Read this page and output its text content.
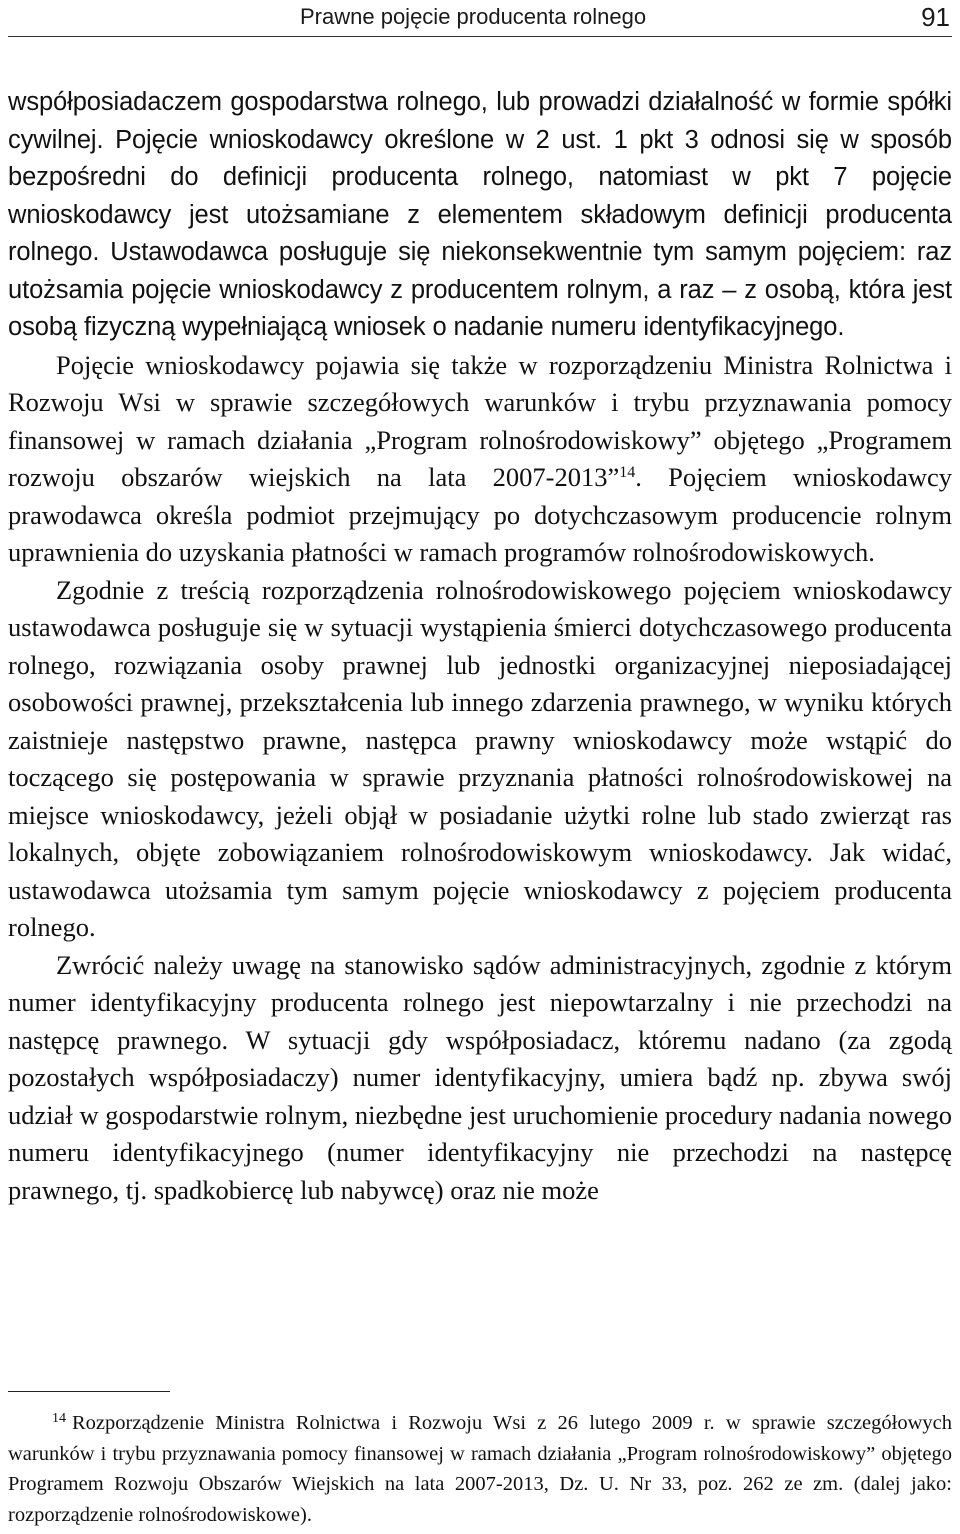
Prawne pojęcie producenta rolnego	91

współposiadaczem gospodarstwa rolnego, lub prowadzi działalność w formie spółki cywilnej. Pojęcie wnioskodawcy określone w 2 ust. 1 pkt 3 odnosi się w sposób bezpośredni do definicji producenta rolnego, natomiast w pkt 7 pojęcie wnioskodawcy jest utożsamiane z elementem składowym definicji producenta rolnego. Ustawodawca posługuje się niekonsekwentnie tym samym pojęciem: raz utożsamia pojęcie wnioskodawcy z producentem rolnym, a raz – z osobą, która jest osobą fizyczną wypełniającą wniosek o nadanie numeru identyfikacyjnego.

Pojęcie wnioskodawcy pojawia się także w rozporządzeniu Ministra Rolnictwa i Rozwoju Wsi w sprawie szczegółowych warunków i trybu przyznawania pomocy finansowej w ramach działania „Program rolnośrodowiskowy” objętego „Programem rozwoju obszarów wiejskich na lata 2007-2013”$^{14}$. Pojęciem wnioskodawcy prawodawca określa podmiot przejmujący po dotychczasowym producencie rolnym uprawnienia do uzyskania płatności w ramach programów rolnośrodowiskowych.

Zgodnie z treścią rozporządzenia rolnośrodowiskowego pojęciem wnioskodawcy ustawodawca posługuje się w sytuacji wystąpienia śmierci dotychczasowego producenta rolnego, rozwiązania osoby prawnej lub jednostki organizacyjnej nieposiadającej osobowości prawnej, przekształcenia lub innego zdarzenia prawnego, w wyniku których zaistnieje następstwo prawne, następca prawny wnioskodawcy może wstąpić do toczącego się postępowania w sprawie przyznania płatności rolnośrodowiskowej na miejsce wnioskodawcy, jeżeli objął w posiadanie użytki rolne lub stado zwierząt ras lokalnych, objęte zobowiązaniem rolnośrodowiskowym wnioskodawcy. Jak widać, ustawodawca utożsamia tym samym pojęcie wnioskodawcy z pojęciem producenta rolnego.

Zwrócić należy uwagę na stanowisko sądów administracyjnych, zgodnie z którym numer identyfikacyjny producenta rolnego jest niepowtarzalny i nie przechodzi na następcę prawnego. W sytuacji gdy współposiadacz, któremu nadano (za zgodą pozostałych współposiadaczy) numer identyfikacyjny, umiera bądź np. zbywa swój udział w gospodarstwie rolnym, niezbędne jest uruchomienie procedury nadania nowego numeru identyfikacyjnego (numer identyfikacyjny nie przechodzi na następcę prawnego, tj. spadkobiercę lub nabywcę) oraz nie może

$^{14}$ Rozporządzenie Ministra Rolnictwa i Rozwoju Wsi z 26 lutego 2009 r. w sprawie szczegółowych warunków i trybu przyznawania pomocy finansowej w ramach działania „Program rolnośrodowiskowy” objętego Programem Rozwoju Obszarów Wiejskich na lata 2007-2013, Dz. U. Nr 33, poz. 262 ze zm. (dalej jako: rozporządzenie rolnośrodowiskowe).
